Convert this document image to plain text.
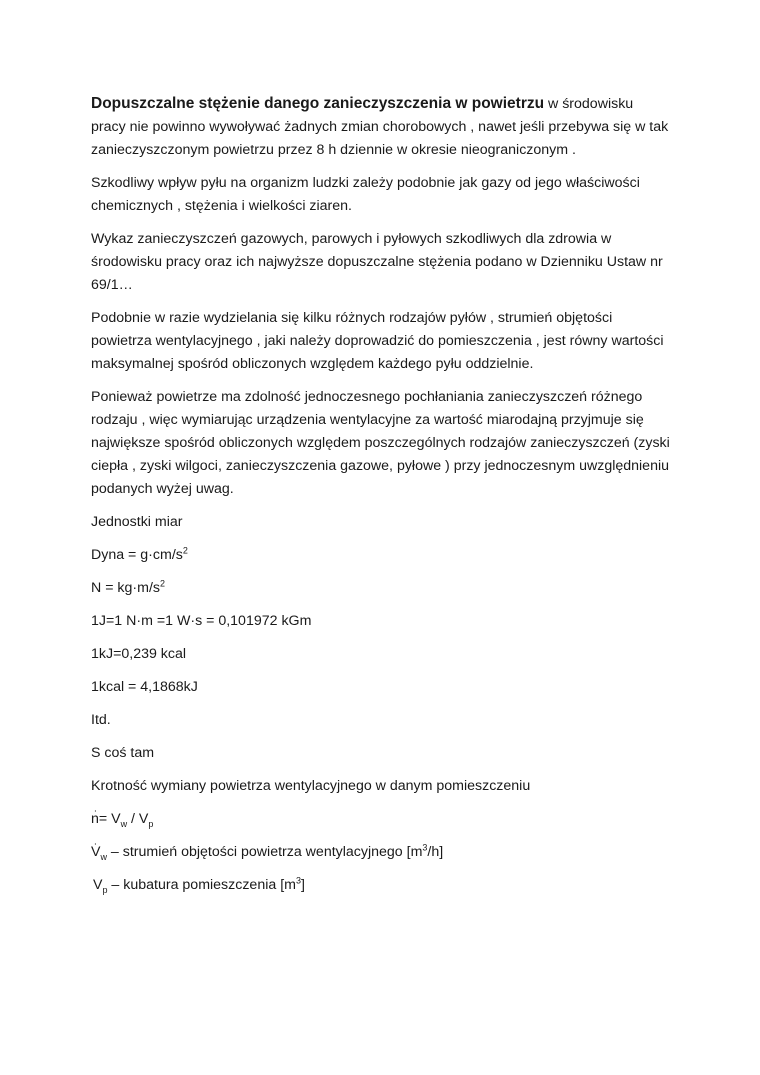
Dopuszczalne stężenie danego zanieczyszczenia w powietrzu w środowisku pracy nie powinno wywoływać żadnych zmian chorobowych , nawet jeśli przebywa się w tak zanieczyszczonym powietrzu przez 8 h dziennie w okresie nieograniczonym .

Szkodliwy wpływ pyłu na organizm ludzki zależy podobnie jak gazy od jego właściwości chemicznych , stężenia i wielkości ziaren.

Wykaz zanieczyszczeń gazowych, parowych i pyłowych szkodliwych dla zdrowia w środowisku pracy oraz ich najwyższe dopuszczalne stężenia podano w Dzienniku Ustaw nr 69/1…

Podobnie w razie wydzielania się kilku różnych rodzajów pyłów , strumień objętości powietrza wentylacyjnego , jaki należy doprowadzić do pomieszczenia , jest równy wartości maksymalnej spośród obliczonych względem każdego pyłu oddzielnie.

Ponieważ powietrze ma zdolność jednoczesnego pochłaniania zanieczyszczeń różnego rodzaju , więc wymiarując urządzenia wentylacyjne za wartość miarodajną przyjmuje się największe spośród obliczonych względem poszczególnych rodzajów zanieczyszczeń (zyski ciepła , zyski wilgoci, zanieczyszczenia gazowe, pyłowe ) przy jednoczesnym uwzględnieniu podanych wyżej uwag.

Jednostki miar
Dyna = $g\cdot cm/s^2$
$N = kg\cdot m/s^2$
1J=1 N·m =1 W·s = 0,101972 kGm
1kJ=0,239 kcal
1kcal = 4,1868kJ
Itd.
S coś tam
Krotność wymiany powietrza wentylacyjnego w danym pomieszczeniu
n= V $˙_w / V_p$
V $˙_w$ – strumień objętości powietrza wentylacyjnego $[m^3/h]$
$V_p$ – kubatura pomieszczenia $[m^3]$
